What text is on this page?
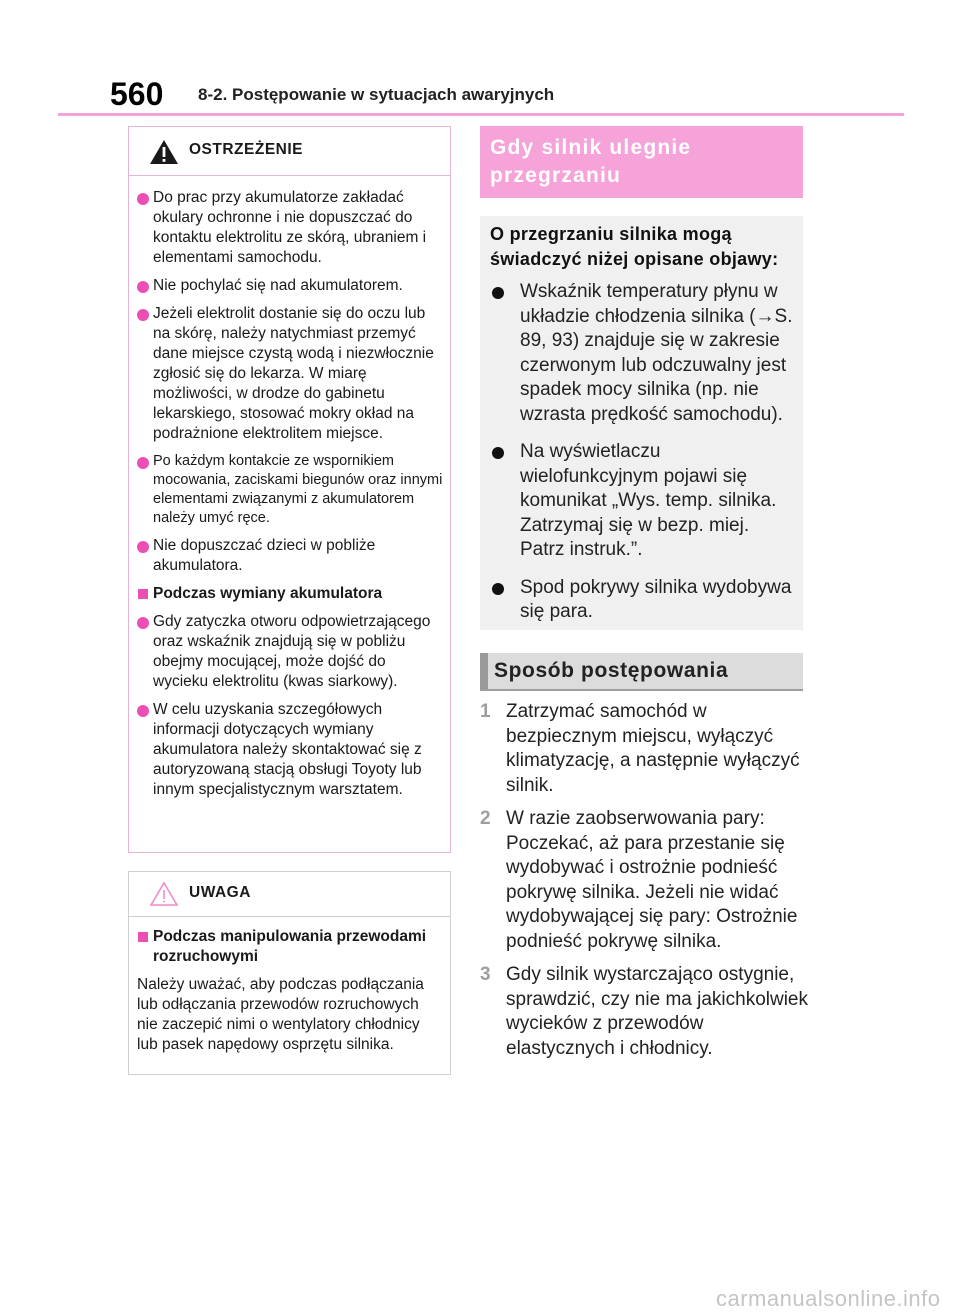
560 8-2. Postępowanie w sytuacjach awaryjnych
OSTRZEŻENIE
Do prac przy akumulatorze zakładać okulary ochronne i nie dopuszczać do kontaktu elektrolitu ze skórą, ubraniem i elementami samochodu.
Nie pochylać się nad akumulatorem.
Jeżeli elektrolit dostanie się do oczu lub na skórę, należy natychmiast przemyć dane miejsce czystą wodą i niezwłocznie zgłosić się do lekarza. W miarę możliwości, w drodze do gabinetu lekarskiego, stosować mokry okład na podrażnione elektrolitem miejsce.
Po każdym kontakcie ze wspornikiem mocowania, zaciskami biegunów oraz innymi elementami związanymi z akumulatorem należy umyć ręce.
Nie dopuszczać dzieci w pobliże akumulatora.
Podczas wymiany akumulatora
Gdy zatyczka otworu odpowietrzającego oraz wskaźnik znajdują się w pobliżu obejmy mocującej, może dojść do wycieku elektrolitu (kwas siarkowy).
W celu uzyskania szczegółowych informacji dotyczących wymiany akumulatora należy skontaktować się z autoryzowaną stacją obsługi Toyoty lub innym specjalistycznym warsztatem.
UWAGA
Podczas manipulowania przewodami rozruchowymi
Należy uważać, aby podczas podłączania lub odłączania przewodów rozruchowych nie zaczepić nimi o wentylatory chłodnicy lub pasek napędowy osprzętu silnika.
Gdy silnik ulegnie przegrzaniu
O przegrzaniu silnika mogą świadczyć niżej opisane objawy:
Wskaźnik temperatury płynu w układzie chłodzenia silnika (→S. 89, 93) znajduje się w zakresie czerwonym lub odczuwalny jest spadek mocy silnika (np. nie wzrasta prędkość samochodu).
Na wyświetlaczu wielofunkcyjnym pojawi się komunikat „Wys. temp. silnika. Zatrzymaj się w bezp. miej. Patrz instruk.”.
Spod pokrywy silnika wydobywa się para.
Sposób postępowania
1 Zatrzymać samochód w bezpiecznym miejscu, wyłączyć klimatyzację, a następnie wyłączyć silnik.
2 W razie zaobserwowania pary: Poczekać, aż para przestanie się wydobywać i ostrożnie podnieść pokrywę silnika. Jeżeli nie widać wydobywającej się pary: Ostrożnie podnieść pokrywę silnika.
3 Gdy silnik wystarczająco ostygnie, sprawdzić, czy nie ma jakichkolwiek wycieków z przewodów elastycznych i chłodnicy.
carmanualsonline.info
